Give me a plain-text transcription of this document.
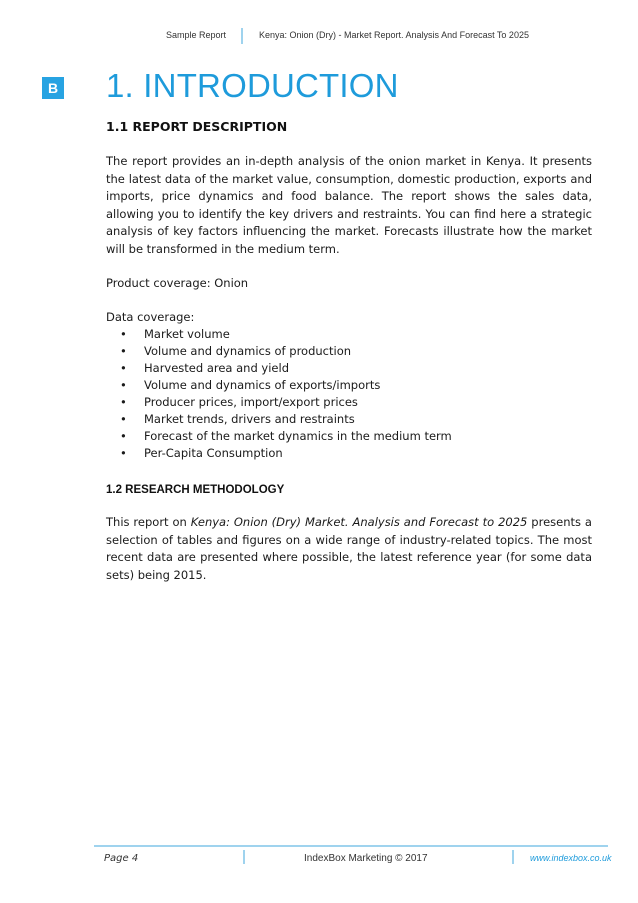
Sample Report	Kenya: Onion (Dry) - Market Report. Analysis And Forecast To 2025
B 1. INTRODUCTION
1.1 REPORT DESCRIPTION
The report provides an in-depth analysis of the onion market in Kenya. It presents the latest data of the market value, consumption, domestic production, exports and imports, price dynamics and food balance. The report shows the sales data, allowing you to identify the key drivers and restraints. You can find here a strategic analysis of key factors influencing the market. Forecasts illustrate how the market will be transformed in the medium term.
Product coverage: Onion
Data coverage:
• Market volume
• Volume and dynamics of production
• Harvested area and yield
• Volume and dynamics of exports/imports
• Producer prices, import/export prices
• Market trends, drivers and restraints
• Forecast of the market dynamics in the medium term
• Per-Capita Consumption
1.2 RESEARCH METHODOLOGY
This report on Kenya: Onion (Dry) Market. Analysis and Forecast to 2025 presents a selection of tables and figures on a wide range of industry-related topics. The most recent data are presented where possible, the latest reference year (for some data sets) being 2015.
Page 4	IndexBox Marketing © 2017	www.indexbox.co.uk
